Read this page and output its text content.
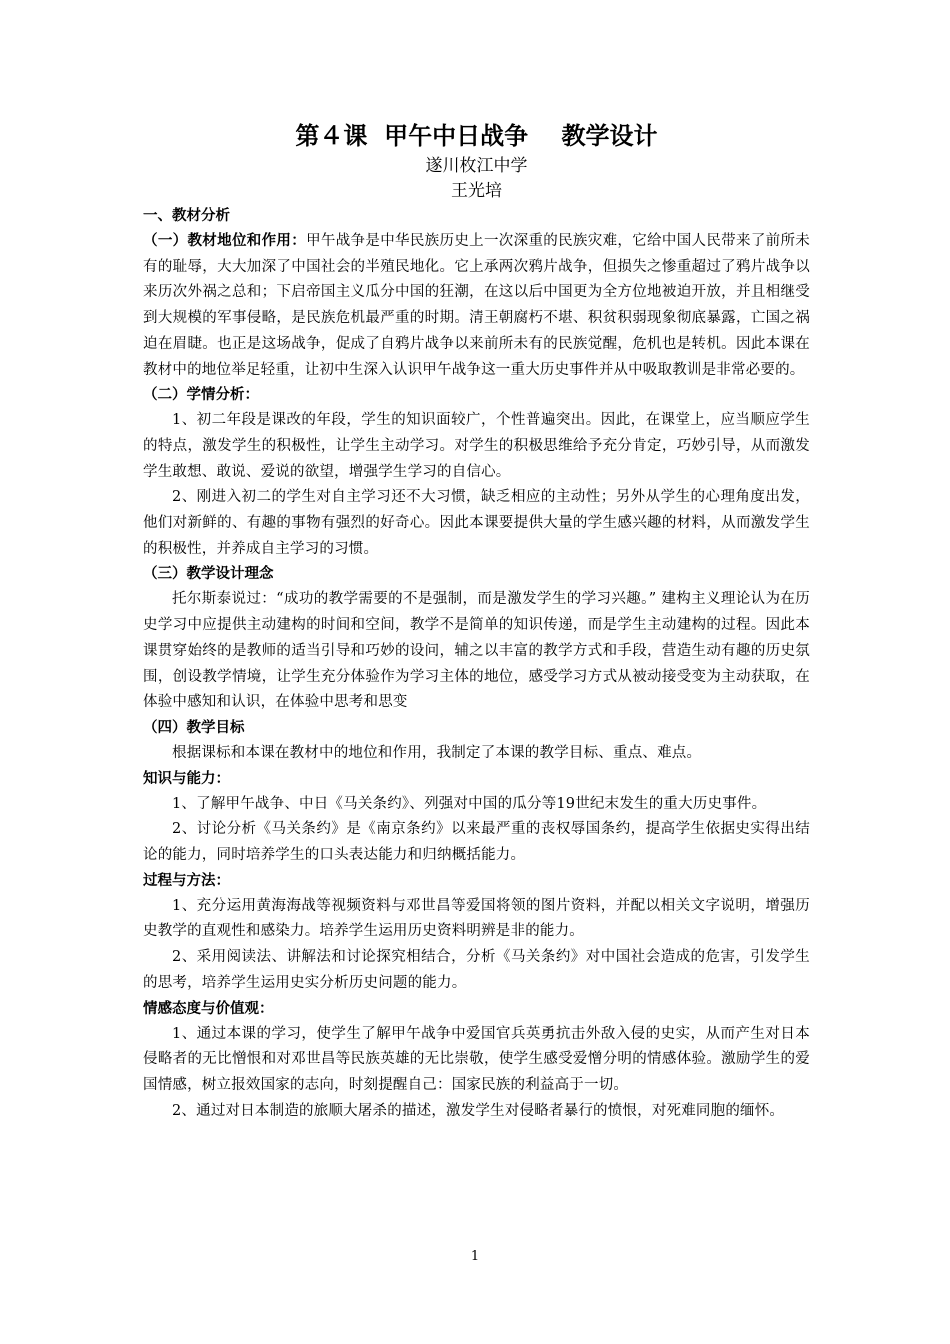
第４课  甲午中日战争    教学设计

遂川枚江中学

王光培

一、教材分析

（一）教材地位和作用：甲午战争是中华民族历史上一次深重的民族灾难，它给中国人民带来了前所未有的耻辱，大大加深了中国社会的半殖民地化。它上承两次鸦片战争，但损失之惨重超过了鸦片战争以来历次外祸之总和；下启帝国主义瓜分中国的狂潮，在这以后中国更为全方位地被迫开放，并且相继受到大规模的军事侵略，是民族危机最严重的时期。清王朝腐朽不堪、积贫积弱现象彻底暴露，亡国之祸迫在眉睫。也正是这场战争，促成了自鸦片战争以来前所未有的民族觉醒，危机也是转机。因此本课在教材中的地位举足轻重，让初中生深入认识甲午战争这一重大历史事件并从中吸取教训是非常必要的。

（二）学情分析：

1、初二年段是课改的年段，学生的知识面较广，个性普遍突出。因此，在课堂上，应当顺应学生的特点，激发学生的积极性，让学生主动学习。对学生的积极思维给予充分肯定，巧妙引导，从而激发学生敢想、敢说、爱说的欲望，增强学生学习的自信心。

2、刚进入初二的学生对自主学习还不大习惯，缺乏相应的主动性；另外从学生的心理角度出发，他们对新鲜的、有趣的事物有强烈的好奇心。因此本课要提供大量的学生感兴趣的材料，从而激发学生的积极性，并养成自主学习的习惯。

（三）教学设计理念

托尔斯泰说过：“成功的教学需要的不是强制，而是激发学生的学习兴趣。” 建构主义理论认为在历史学习中应提供主动建构的时间和空间，教学不是简单的知识传递，而是学生主动建构的过程。因此本课贯穿始终的是教师的适当引导和巧妙的设问，辅之以丰富的教学方式和手段，营造生动有趣的历史氛围，创设教学情境，让学生充分体验作为学习主体的地位，感受学习方式从被动接受变为主动获取，在体验中感知和认识，在体验中思考和思变

（四）教学目标

根据课标和本课在教材中的地位和作用，我制定了本课的教学目标、重点、难点。

知识与能力：

1、了解甲午战争、中日《马关条约》、列强对中国的瓜分等19世纪末发生的重大历史事件。

2、讨论分析《马关条约》是《南京条约》以来最严重的丧权辱国条约，提高学生依据史实得出结论的能力，同时培养学生的口头表达能力和归纳概括能力。

过程与方法：

1、充分运用黄海海战等视频资料与邓世昌等爱国将领的图片资料，并配以相关文字说明，增强历史教学的直观性和感染力。培养学生运用历史资料明辨是非的能力。

2、采用阅读法、讲解法和讨论探究相结合，分析《马关条约》对中国社会造成的危害，引发学生的思考，培养学生运用史实分析历史问题的能力。

情感态度与价值观：

1、通过本课的学习，使学生了解甲午战争中爱国官兵英勇抗击外敌入侵的史实，从而产生对日本侵略者的无比憎恨和对邓世昌等民族英雄的无比崇敬，使学生感受爱憎分明的情感体验。激励学生的爱国情感，树立报效国家的志向，时刻提醒自己：国家民族的利益高于一切。

2、通过对日本制造的旅顺大屠杀的描述，激发学生对侵略者暴行的愤恨，对死难同胞的缅怀。

1
